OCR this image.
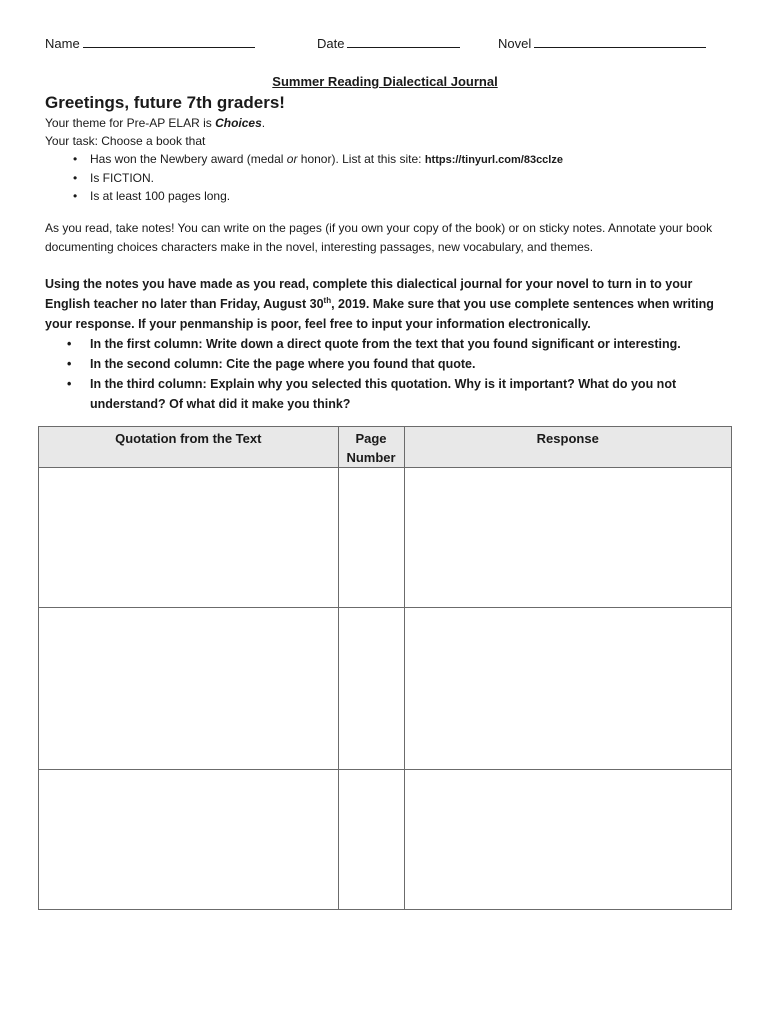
Name	Date	Novel
Summer Reading Dialectical Journal
Greetings, future 7th graders!
Your theme for Pre-AP ELAR is Choices.
Your task: Choose a book that
• Has won the Newbery award (medal or honor). List at this site: https://tinyurl.com/83cclze
• Is FICTION.
• Is at least 100 pages long.
As you read, take notes! You can write on the pages (if you own your copy of the book) or on sticky notes. Annotate your book documenting choices characters make in the novel, interesting passages, new vocabulary, and themes.
Using the notes you have made as you read, complete this dialectical journal for your novel to turn in to your English teacher no later than Friday, August 30th, 2019. Make sure that you use complete sentences when writing your response. If your penmanship is poor, feel free to input your information electronically.
• In the first column: Write down a direct quote from the text that you found significant or interesting.
• In the second column: Cite the page where you found that quote.
• In the third column: Explain why you selected this quotation. Why is it important? What do you not understand? Of what did it make you think?
Quotation from the Text	Page Number	Response
